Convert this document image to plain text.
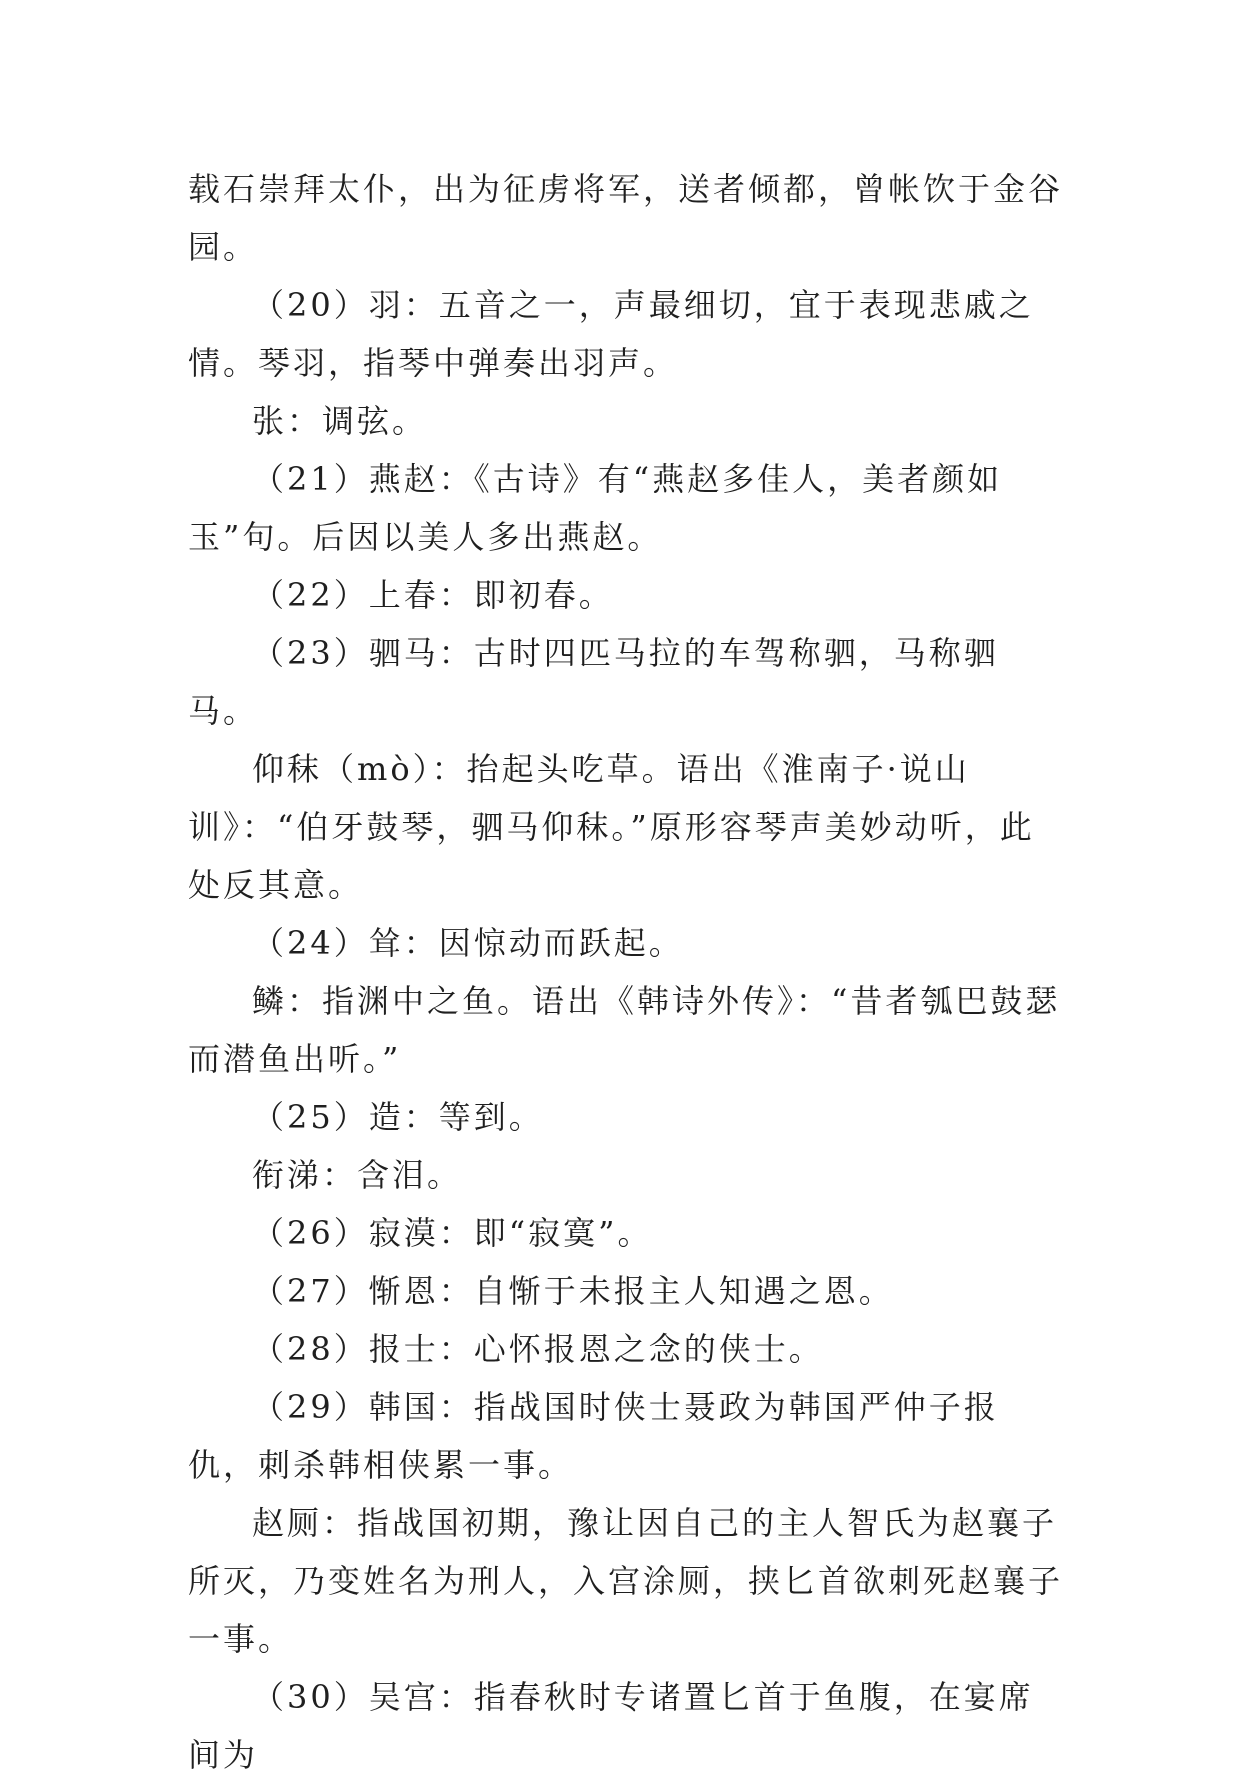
载石崇拜太仆，出为征虏将军，送者倾都，曾帐饮于金谷园。

（20）羽：五音之一，声最细切，宜于表现悲戚之情。琴羽，指琴中弹奏出羽声。

张：调弦。

（21）燕赵：《古诗》有“燕赵多佳人，美者颜如玉”句。后因以美人多出燕赵。

（22）上春：即初春。

（23）驷马：古时四匹马拉的车驾称驷，马称驷马。

仰秣（mò）：抬起头吃草。语出《淮南子·说山训》：“伯牙鼓琴，驷马仰秣。”原形容琴声美妙动听，此处反其意。

（24）耸：因惊动而跃起。

鳞：指渊中之鱼。语出《韩诗外传》：“昔者瓠巴鼓瑟而潜鱼出听。”

（25）造：等到。

衔涕：含泪。

（26）寂漠：即“寂寞”。

（27）惭恩：自惭于未报主人知遇之恩。

（28）报士：心怀报恩之念的侠士。

（29）韩国：指战国时侠士聂政为韩国严仲子报仇，刺杀韩相侠累一事。

赵厕：指战国初期，豫让因自己的主人智氏为赵襄子所灭，乃变姓名为刑人，入宫涂厕，挟匕首欲刺死赵襄子一事。

（30）吴宫：指春秋时专诸置匕首于鱼腹，在宴席间为
